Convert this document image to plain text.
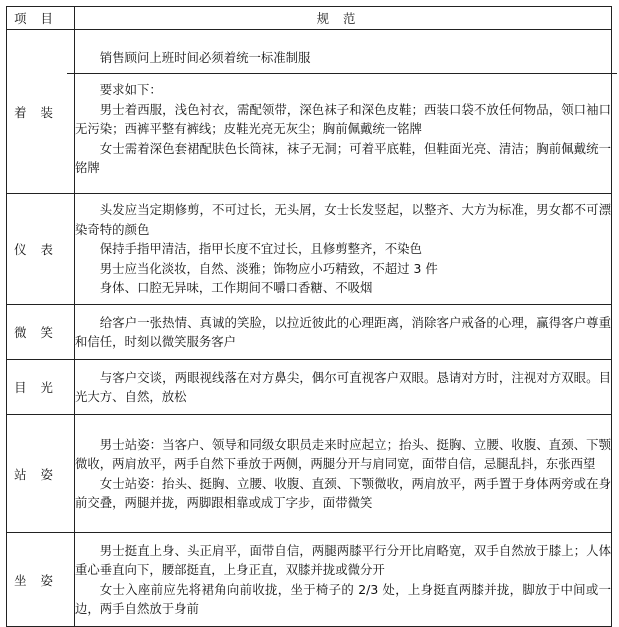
项目	规范
着装	销售顾问上班时间必须着统一标准制服
要求如下：
男士着西服，浅色衬衣，需配领带，深色袜子和深色皮鞋；西装口袋不放任何物品，领口袖口无污染；西裤平整有裤线；皮鞋光亮无灰尘；胸前佩戴统一铭牌
女士需着深色套裙配肤色长筒袜，袜子无洞；可着平底鞋，但鞋面光亮、清洁；胸前佩戴统一铭牌

仪表	头发应当定期修剪，不可过长，无头屑，女士长发竖起，以整齐、大方为标准，男女都不可漂染奇特的颜色
保持手指甲清洁，指甲长度不宜过长，且修剪整齐，不染色
男士应当化淡妆，自然、淡雅；饰物应小巧精致，不超过 3 件
身体、口腔无异味，工作期间不嚼口香糖、不吸烟

微笑	给客户一张热情、真诚的笑脸，以拉近彼此的心理距离，消除客户戒备的心理，赢得客户尊重和信任，时刻以微笑服务客户

目光	与客户交谈，两眼视线落在对方鼻尖，偶尔可直视客户双眼。恳请对方时，注视对方双眼。目光大方、自然，放松

站姿	男士站姿：当客户、领导和同级女职员走来时应起立；抬头、挺胸、立腰、收腹、直颈、下颚微收，两肩放平，两手自然下垂放于两侧，两腿分开与肩同宽，面带自信，忌腿乱抖，东张西望
女士站姿：抬头、挺胸、立腰、收腹、直颈、下颚微收，两肩放平，两手置于身体两旁或在身前交叠，两腿并拢，两脚跟相靠或成丁字步，面带微笑

坐姿	男士挺直上身、头正肩平，面带自信，两腿两膝平行分开比肩略宽，双手自然放于膝上；人体重心垂直向下，腰部挺直，上身正直，双膝并拢或微分开
女士入座前应先将裙角向前收拢，坐于椅子的 2/3 处，上身挺直两膝并拢，脚放于中间或一边，两手自然放于身前
